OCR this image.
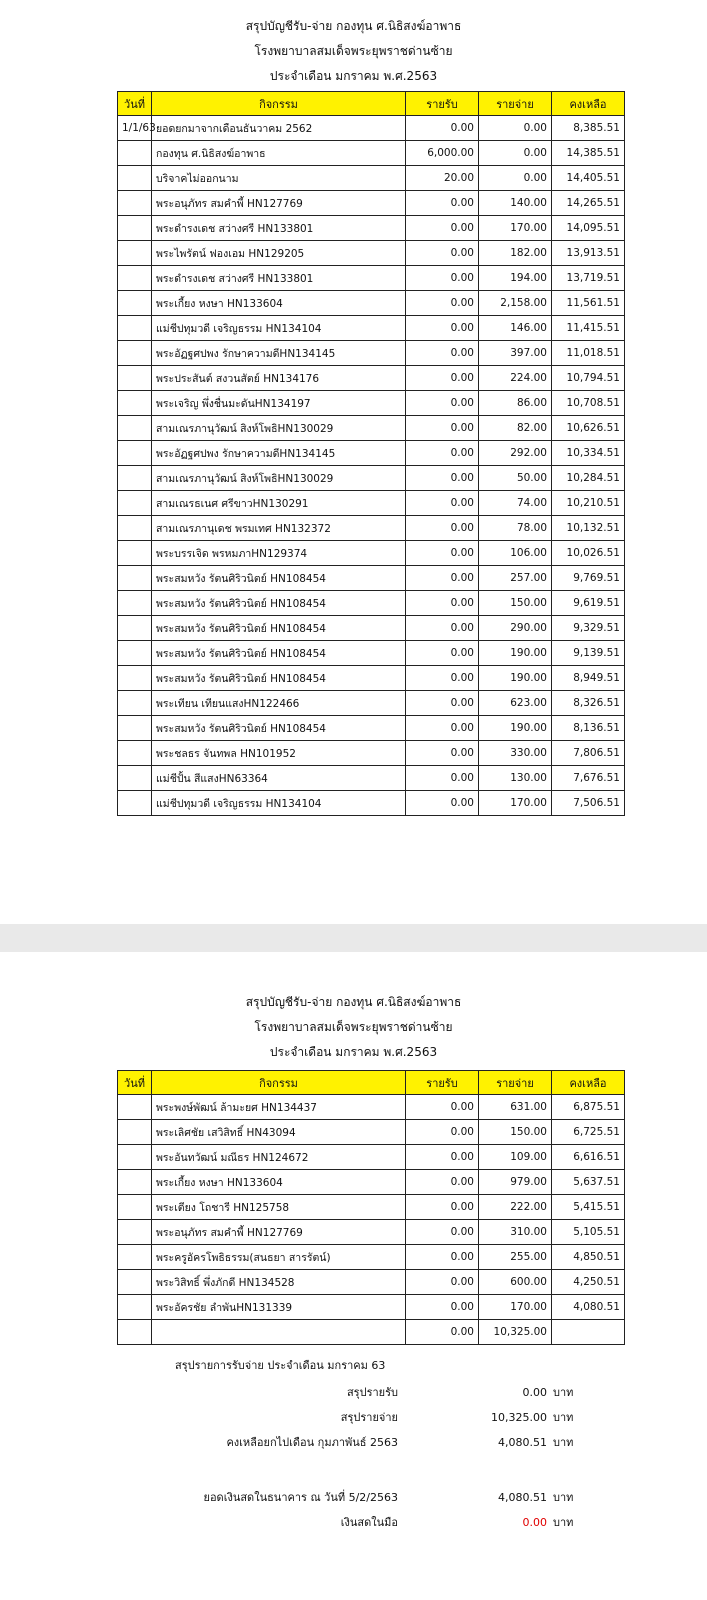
สรุปบัญชีรับ-จ่าย กองทุน ศ.นิธิสงฆ์อาพาธ
โรงพยาบาลสมเด็จพระยุพราชด่านซ้าย
ประจำเดือน มกราคม พ.ศ.2563
วันที่	กิจกรรม	รายรับ	รายจ่าย	คงเหลือ
1/1/63	ยอดยกมาจากเดือนธันวาคม 2562	0.00	0.00	8,385.51
	กองทุน ศ.นิธิสงฆ์อาพาธ	6,000.00	0.00	14,385.51
	บริจาคไม่ออกนาม	20.00	0.00	14,405.51
	พระอนุภัทร สมคำพี้ HN127769	0.00	140.00	14,265.51
	พระดำรงเดช สว่างศรี HN133801	0.00	170.00	14,095.51
	พระไพรัตน์ ฟองเอม HN129205	0.00	182.00	13,913.51
	พระดำรงเดช สว่างศรี HN133801	0.00	194.00	13,719.51
	พระเกี้ยง หงษา HN133604	0.00	2,158.00	11,561.51
	แม่ชีปทุมวดี เจริญธรรม HN134104	0.00	146.00	11,415.51
	พระอัฏฐศปพง รักษาความดีHN134145	0.00	397.00	11,018.51
	พระประสันต์ สงวนสัตย์ HN134176	0.00	224.00	10,794.51
	พระเจริญ พึ่งชื่นมะดันHN134197	0.00	86.00	10,708.51
	สามเณรภานุวัฒน์ สิงห์โพธิHN130029	0.00	82.00	10,626.51
	พระอัฏฐศปพง รักษาความดีHN134145	0.00	292.00	10,334.51
	สามเณรภานุวัฒน์ สิงห์โพธิHN130029	0.00	50.00	10,284.51
	สามเณรธเนศ ศรีขาวHN130291	0.00	74.00	10,210.51
	สามเณรภานุเดช พรมเทศ HN132372	0.00	78.00	10,132.51
	พระบรรเจิด พรหมภาHN129374	0.00	106.00	10,026.51
	พระสมหวัง รัตนศิริวนิตย์ HN108454	0.00	257.00	9,769.51
	พระสมหวัง รัตนศิริวนิตย์ HN108454	0.00	150.00	9,619.51
	พระสมหวัง รัตนศิริวนิตย์ HN108454	0.00	290.00	9,329.51
	พระสมหวัง รัตนศิริวนิตย์ HN108454	0.00	190.00	9,139.51
	พระสมหวัง รัตนศิริวนิตย์ HN108454	0.00	190.00	8,949.51
	พระเทียน เทียนแสงHN122466	0.00	623.00	8,326.51
	พระสมหวัง รัตนศิริวนิตย์ HN108454	0.00	190.00	8,136.51
	พระชลธร จันทพล HN101952	0.00	330.00	7,806.51
	แม่ชีปั้น สีแสงHN63364	0.00	130.00	7,676.51
	แม่ชีปทุมวดี เจริญธรรม HN134104	0.00	170.00	7,506.51
สรุปบัญชีรับ-จ่าย กองทุน ศ.นิธิสงฆ์อาพาธ
โรงพยาบาลสมเด็จพระยุพราชด่านซ้าย
ประจำเดือน มกราคม พ.ศ.2563
วันที่	กิจกรรม	รายรับ	รายจ่าย	คงเหลือ
	พระพงษ์พัฒน์ ล้ามะยศ HN134437	0.00	631.00	6,875.51
	พระเลิศชัย เสวิสิทธิ์ HN43094	0.00	150.00	6,725.51
	พระอันทวัฒน์ มณีธร HN124672	0.00	109.00	6,616.51
	พระเกี้ยง หงษา HN133604	0.00	979.00	5,637.51
	พระเตียง โถชารี HN125758	0.00	222.00	5,415.51
	พระอนุภัทร สมคำพี้ HN127769	0.00	310.00	5,105.51
	พระครูอัครโพธิธรรม(สนธยา สารรัตน์)	0.00	255.00	4,850.51
	พระวิสิทธิ์ พึ่งภักดี HN134528	0.00	600.00	4,250.51
	พระอัครชัย ลำพันHN131339	0.00	170.00	4,080.51
		0.00	10,325.00	
สรุปรายการรับจ่าย ประจำเดือน มกราคม 63
สรุปรายรับ	0.00 บาท
สรุปรายจ่าย	10,325.00 บาท
คงเหลือยกไปเดือน กุมภาพันธ์ 2563	4,080.51 บาท
ยอดเงินสดในธนาคาร ณ วันที่ 5/2/2563	4,080.51 บาท
เงินสดในมือ	0.00 บาท
